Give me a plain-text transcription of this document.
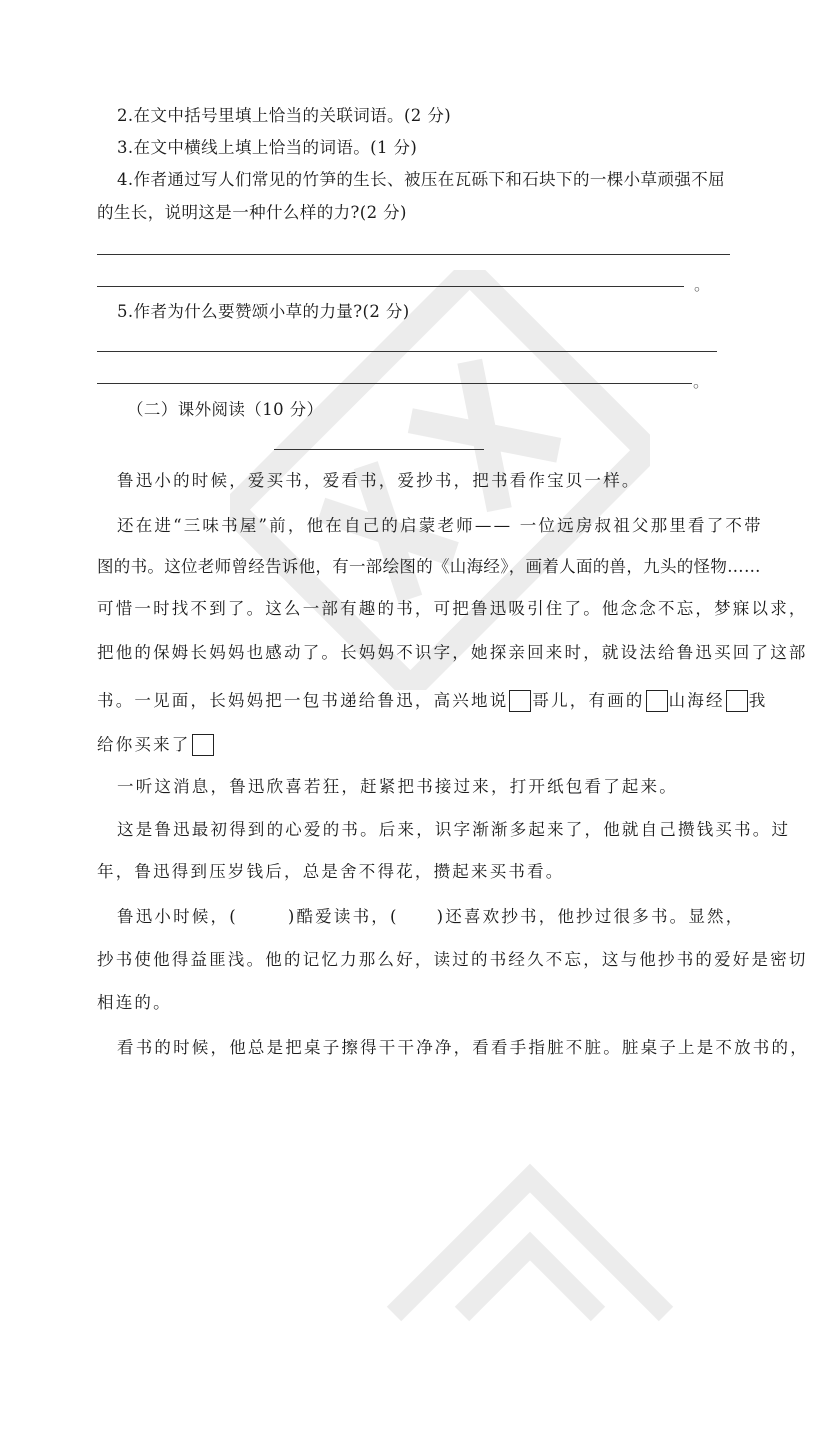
2.在文中括号里填上恰当的关联词语。(2 分)
3.在文中横线上填上恰当的词语。(1 分)
4.作者通过写人们常见的竹笋的生长、被压在瓦砾下和石块下的一棵小草顽强不屈
的生长，说明这是一种什么样的力?(2 分)
。
5.作者为什么要赞颂小草的力量?(2 分)
。
（二）课外阅读（10 分）
鲁迅小的时候，爱买书，爱看书，爱抄书，把书看作宝贝一样。
还在进“三味书屋”前，他在自己的启蒙老师—— 一位远房叔祖父那里看了不带
图的书。这位老师曾经告诉他，有一部绘图的《山海经》，画着人面的兽，九头的怪物……
可惜一时找不到了。这么一部有趣的书，可把鲁迅吸引住了。他念念不忘，梦寐以求，
把他的保姆长妈妈也感动了。长妈妈不识字，她探亲回来时，就设法给鲁迅买回了这部
书。一见面，长妈妈把一包书递给鲁迅，高兴地说 哥儿，有画的 山海经 我
给你买来了
一听这消息，鲁迅欣喜若狂，赶紧把书接过来，打开纸包看了起来。
这是鲁迅最初得到的心爱的书。后来，识字渐渐多起来了，他就自己攒钱买书。过
年，鲁迅得到压岁钱后，总是舍不得花，攒起来买书看。
鲁迅小时候，(	)酷爱读书，( )还喜欢抄书，他抄过很多书。显然，
抄书使他得益匪浅。他的记忆力那么好，读过的书经久不忘，这与他抄书的爱好是密切
相连的。
看书的时候，他总是把桌子擦得干干净净，看看手指脏不脏。脏桌子上是不放书的，
